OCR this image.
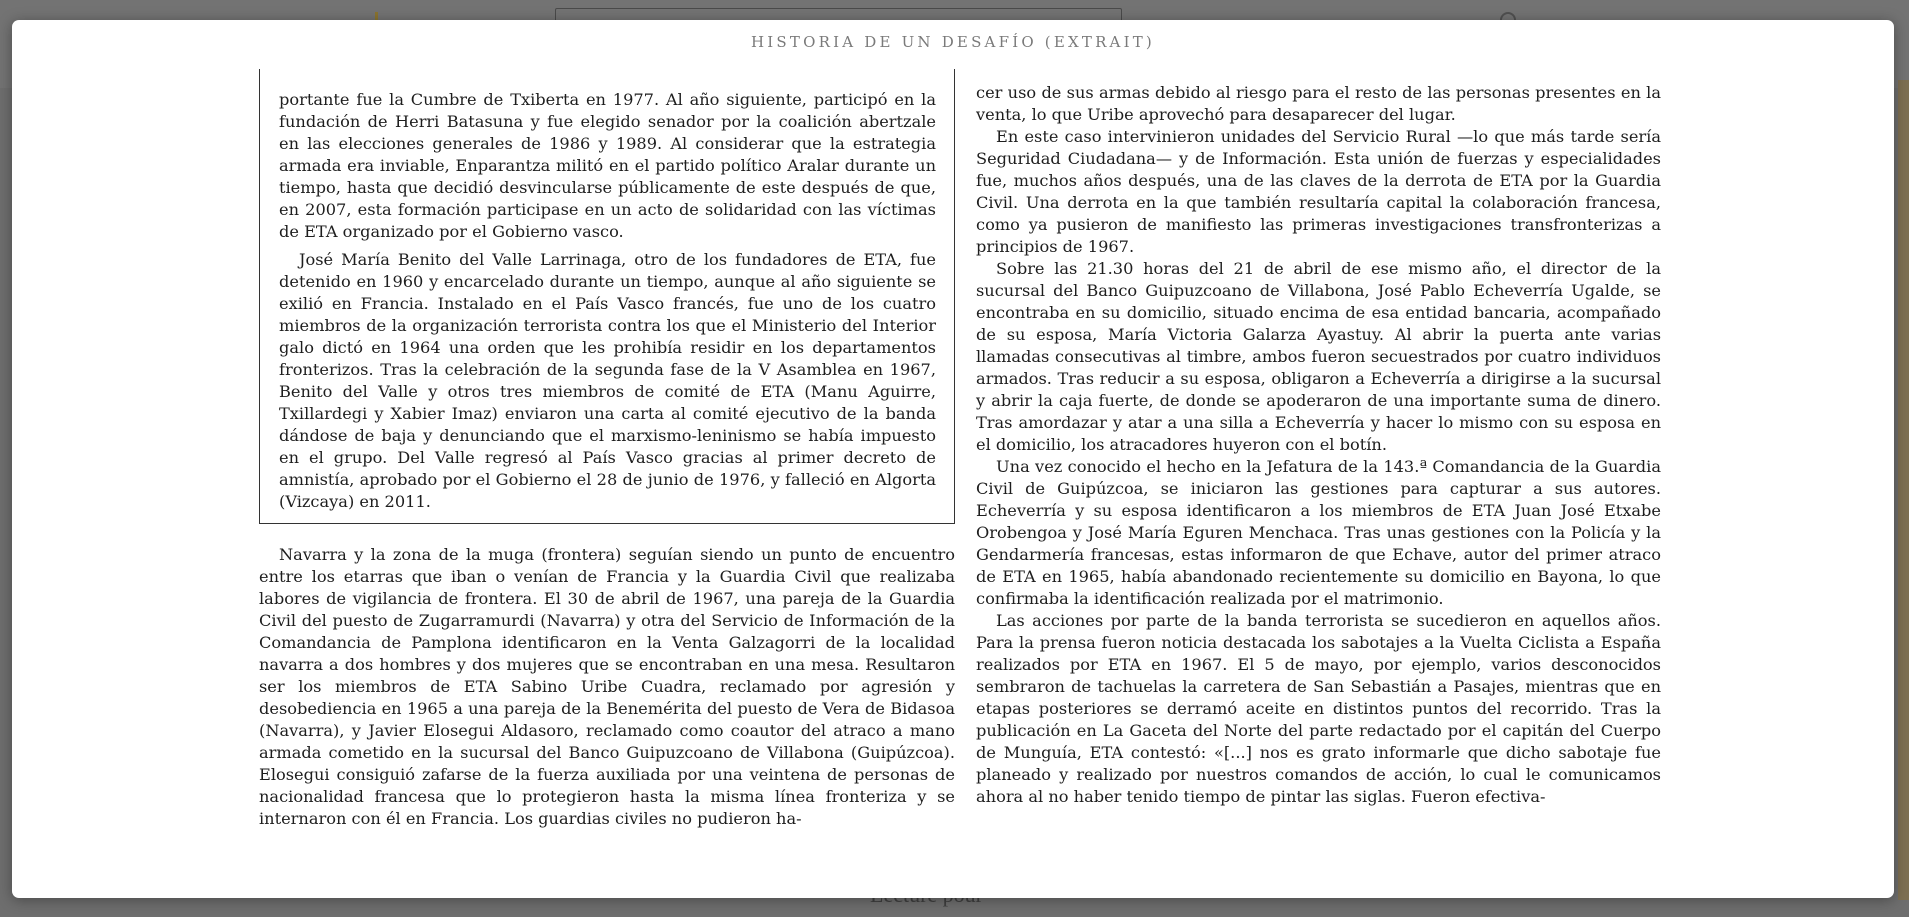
HISTORIA DE UN DESAFÍO (EXTRAIT)

portante fue la Cumbre de Txiberta en 1977. Al año siguiente, participó en la fundación de Herri Batasuna y fue elegido senador por la coalición abertzale en las elecciones generales de 1986 y 1989. Al considerar que la estrategia armada era inviable, Enparantza militó en el partido político Aralar durante un tiempo, hasta que decidió desvincularse públicamente de este después de que, en 2007, esta formación participase en un acto de solidaridad con las víctimas de ETA organizado por el Gobierno vasco.

José María Benito del Valle Larrinaga, otro de los fundadores de ETA, fue detenido en 1960 y encarcelado durante un tiempo, aunque al año siguiente se exilió en Francia. Instalado en el País Vasco francés, fue uno de los cuatro miembros de la organización terrorista contra los que el Ministerio del Interior galo dictó en 1964 una orden que les prohibía residir en los departamentos fronterizos. Tras la celebración de la segunda fase de la V Asamblea en 1967, Benito del Valle y otros tres miembros de comité de ETA (Manu Aguirre, Txillardegi y Xabier Imaz) enviaron una carta al comité ejecutivo de la banda dándose de baja y denunciando que el marxismo-leninismo se había impuesto en el grupo. Del Valle regresó al País Vasco gracias al primer decreto de amnistía, aprobado por el Gobierno el 28 de junio de 1976, y falleció en Algorta (Vizcaya) en 2011.

Navarra y la zona de la muga (frontera) seguían siendo un punto de encuentro entre los etarras que iban o venían de Francia y la Guardia Civil que realizaba labores de vigilancia de frontera. El 30 de abril de 1967, una pareja de la Guardia Civil del puesto de Zugarramurdi (Navarra) y otra del Servicio de Información de la Comandancia de Pamplona identificaron en la Venta Galzagorri de la localidad navarra a dos hombres y dos mujeres que se encontraban en una mesa. Resultaron ser los miembros de ETA Sabino Uribe Cuadra, reclamado por agresión y desobediencia en 1965 a una pareja de la Benemérita del puesto de Vera de Bidasoa (Navarra), y Javier Elosegui Aldasoro, reclamado como coautor del atraco a mano armada cometido en la sucursal del Banco Guipuzcoano de Villabona (Guipúzcoa). Elosegui consiguió zafarse de la fuerza auxiliada por una veintena de personas de nacionalidad francesa que lo protegieron hasta la misma línea fronteriza y se internaron con él en Francia. Los guardias civiles no pudieron ha-

cer uso de sus armas debido al riesgo para el resto de las personas presentes en la venta, lo que Uribe aprovechó para desaparecer del lugar.

En este caso intervinieron unidades del Servicio Rural —lo que más tarde sería Seguridad Ciudadana— y de Información. Esta unión de fuerzas y especialidades fue, muchos años después, una de las claves de la derrota de ETA por la Guardia Civil. Una derrota en la que también resultaría capital la colaboración francesa, como ya pusieron de manifiesto las primeras investigaciones transfronterizas a principios de 1967.

Sobre las 21.30 horas del 21 de abril de ese mismo año, el director de la sucursal del Banco Guipuzcoano de Villabona, José Pablo Echeverría Ugalde, se encontraba en su domicilio, situado encima de esa entidad bancaria, acompañado de su esposa, María Victoria Galarza Ayastuy. Al abrir la puerta ante varias llamadas consecutivas al timbre, ambos fueron secuestrados por cuatro individuos armados. Tras reducir a su esposa, obligaron a Echeverría a dirigirse a la sucursal y abrir la caja fuerte, de donde se apoderaron de una importante suma de dinero. Tras amordazar y atar a una silla a Echeverría y hacer lo mismo con su esposa en el domicilio, los atracadores huyeron con el botín.

Una vez conocido el hecho en la Jefatura de la 143.ª Comandancia de la Guardia Civil de Guipúzcoa, se iniciaron las gestiones para capturar a sus autores. Echeverría y su esposa identificaron a los miembros de ETA Juan José Etxabe Orobengoa y José María Eguren Menchaca. Tras unas gestiones con la Policía y la Gendarmería francesas, estas informaron de que Echave, autor del primer atraco de ETA en 1965, había abandonado recientemente su domicilio en Bayona, lo que confirmaba la identificación realizada por el matrimonio.

Las acciones por parte de la banda terrorista se sucedieron en aquellos años. Para la prensa fueron noticia destacada los sabotajes a la Vuelta Ciclista a España realizados por ETA en 1967. El 5 de mayo, por ejemplo, varios desconocidos sembraron de tachuelas la carretera de San Sebastián a Pasajes, mientras que en etapas posteriores se derramó aceite en distintos puntos del recorrido. Tras la publicación en La Gaceta del Norte del parte redactado por el capitán del Cuerpo de Munguía, ETA contestó: «[...] nos es grato informarle que dicho sabotaje fue planeado y realizado por nuestros comandos de acción, lo cual le comunicamos ahora al no haber tenido tiempo de pintar las siglas. Fueron efectiva-
